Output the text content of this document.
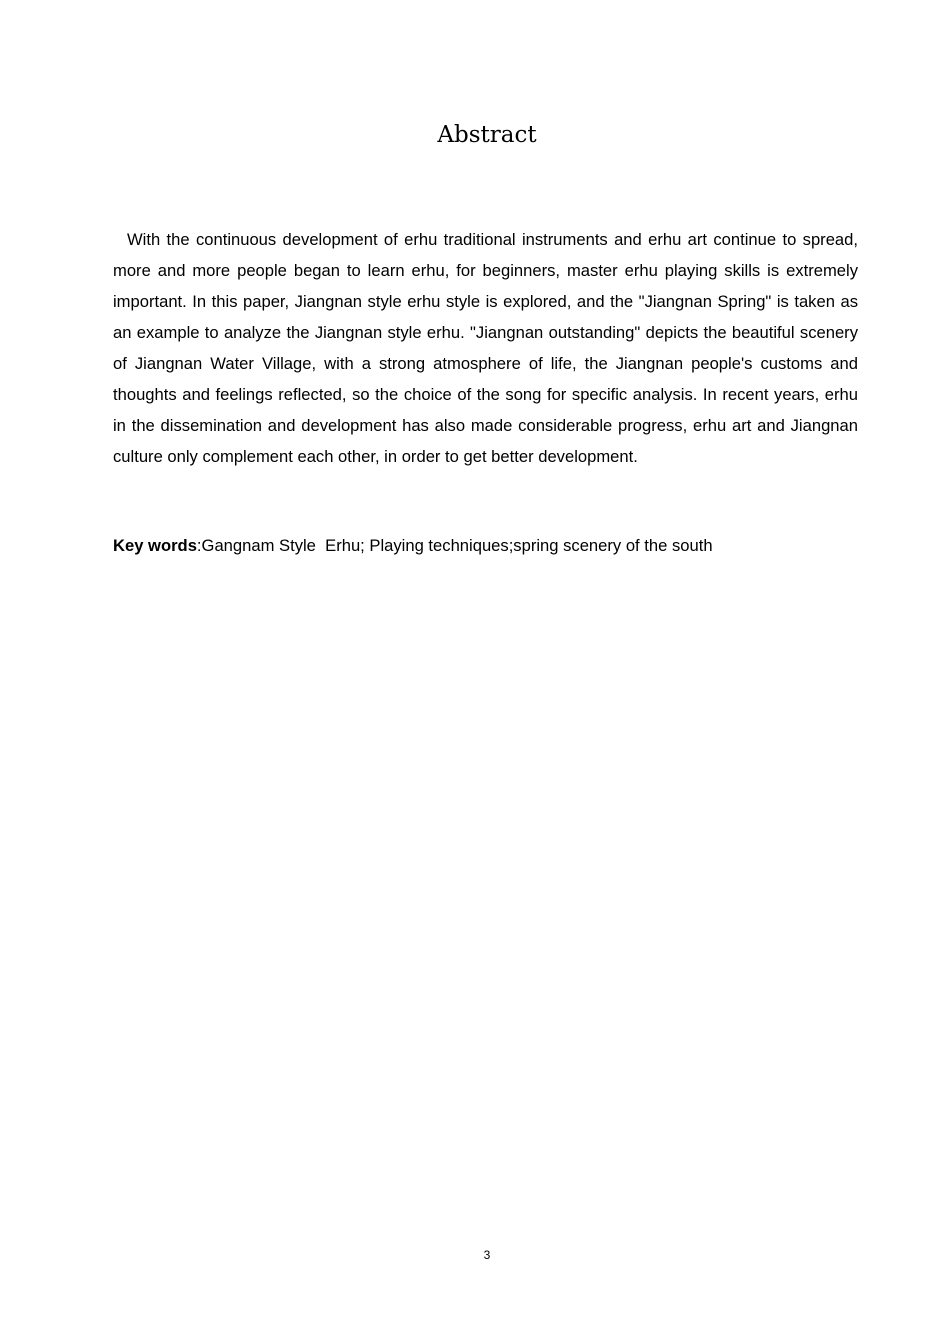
Abstract

With the continuous development of erhu traditional instruments and erhu art continue to spread, more and more people began to learn erhu, for beginners, master erhu playing skills is extremely important. In this paper, Jiangnan style erhu style is explored, and the "Jiangnan Spring" is taken as an example to analyze the Jiangnan style erhu. "Jiangnan outstanding" depicts the beautiful scenery of Jiangnan Water Village, with a strong atmosphere of life, the Jiangnan people's customs and thoughts and feelings reflected, so the choice of the song for specific analysis. In recent years, erhu in the dissemination and development has also made considerable progress, erhu art and Jiangnan culture only complement each other, in order to get better development.

Key words:Gangnam Style  Erhu; Playing techniques;spring scenery of the south

3
